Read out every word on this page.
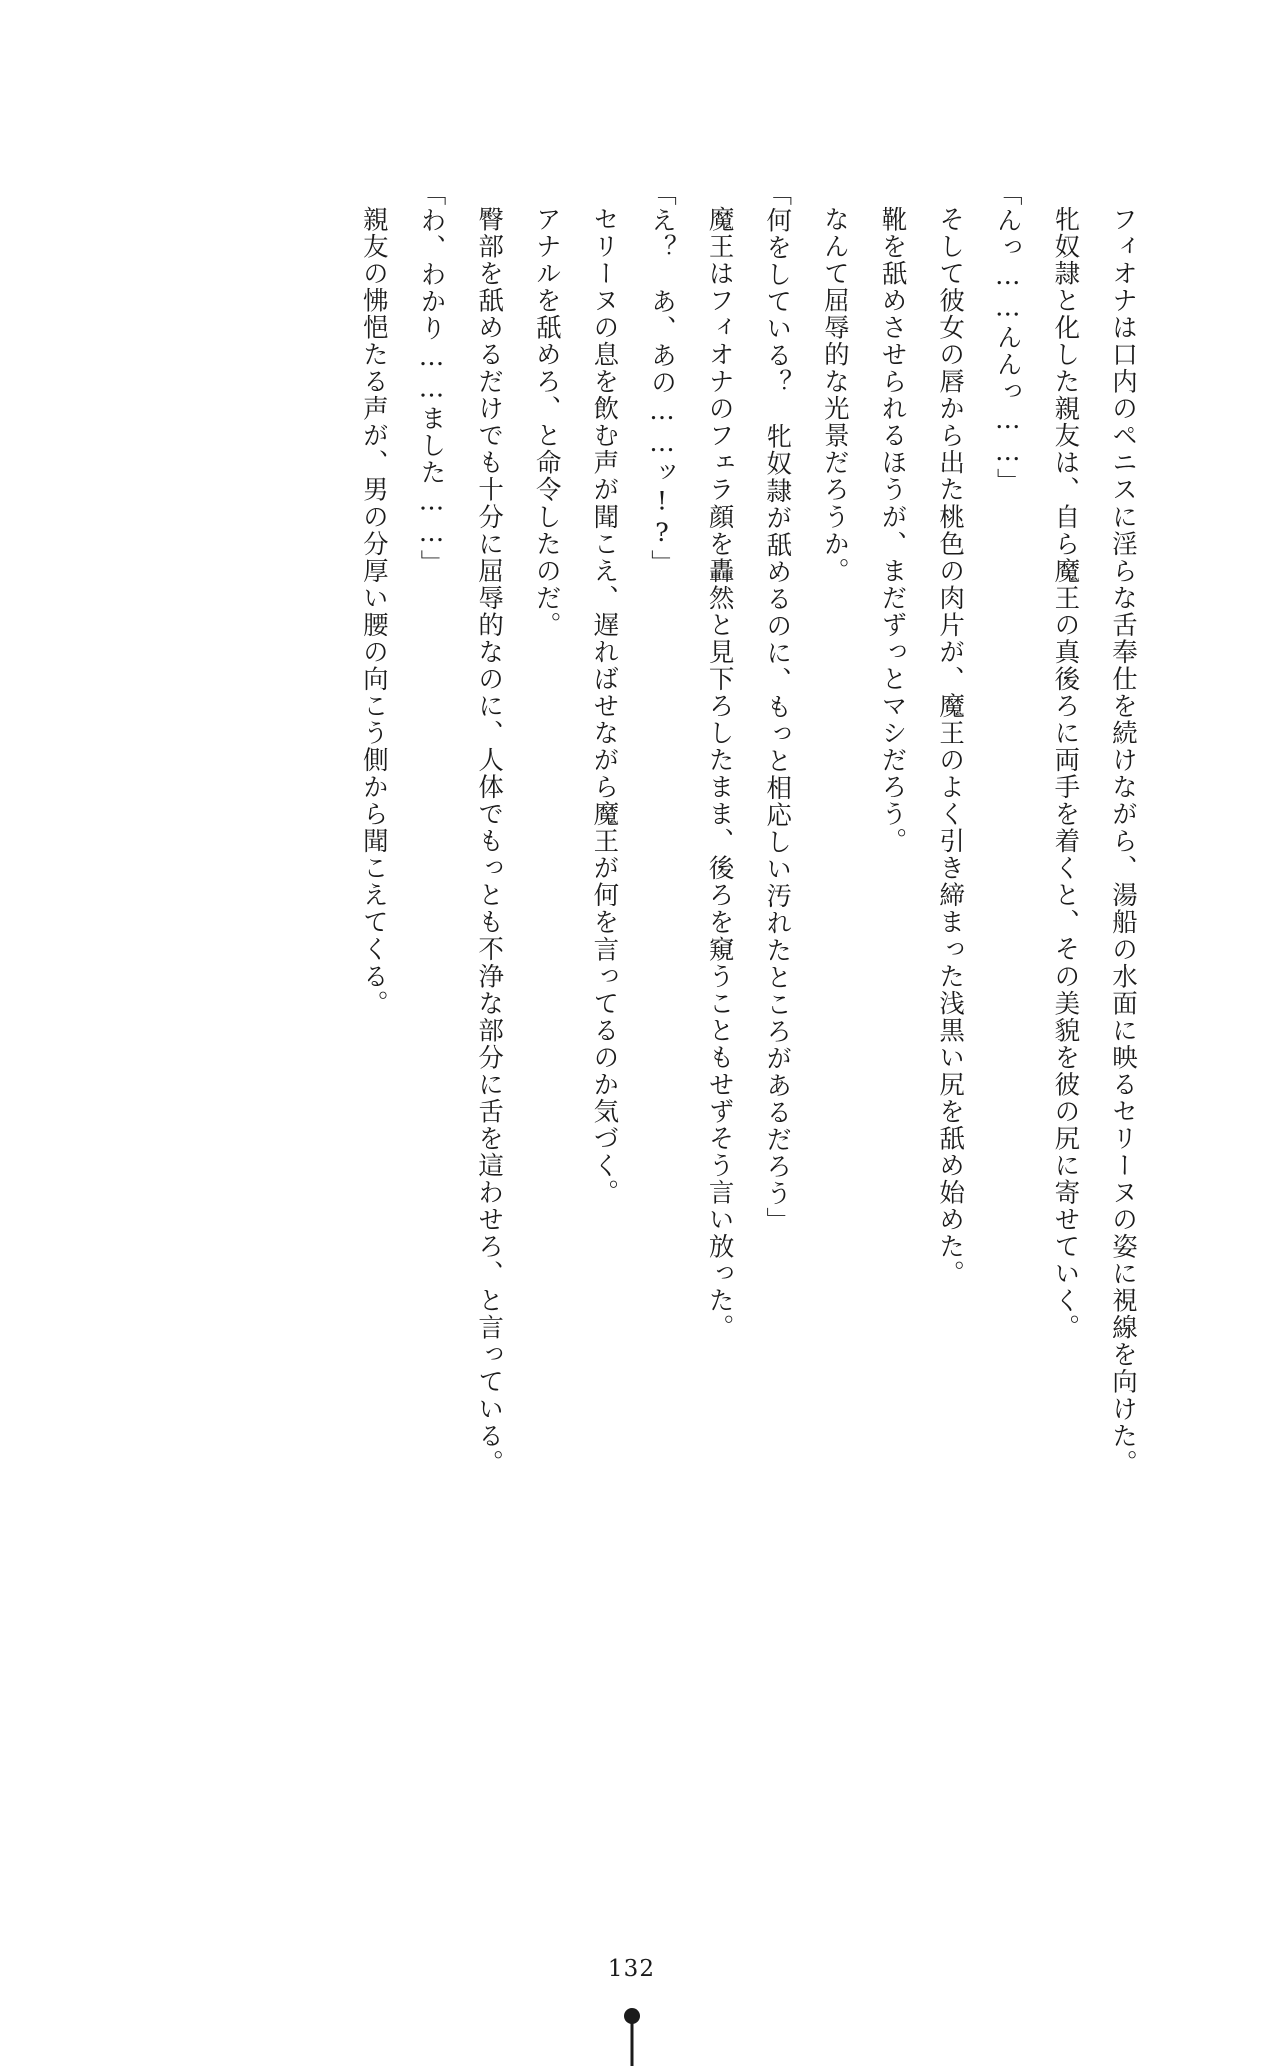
フィオナは口内のペニスに淫らな舌奉仕を続けながら、湯船の水面に映るセリーヌの姿に視線を向けた。

牝奴隷と化した親友は、自ら魔王の真後ろに両手を着くと、その美貌を彼の尻に寄せていく。

「んっ……んんっ……」

そして彼女の唇から出た桃色の肉片が、魔王のよく引き締まった浅黒い尻を舐め始めた。

靴を舐めさせられるほうが、まだずっとマシだろう。

なんて屈辱的な光景だろうか。

「何をしている？　牝奴隷が舐めるのに、もっと相応しい汚れたところがあるだろう」

魔王はフィオナのフェラ顔を轟然と見下ろしたまま、後ろを窺うこともせずそう言い放った。

「え？　あ、あの……ッ!?」

セリーヌの息を飲む声が聞こえ、遅ればせながら魔王が何を言ってるのか気づく。

アナルを舐めろ、と命令したのだ。

臀部を舐めるだけでも十分に屈辱的なのに、人体でもっとも不浄な部分に舌を這わせろ、と言っている。

「わ、わかり……ました……」

親友の怫悒たる声が、男の分厚い腰の向こう側から聞こえてくる。

132
